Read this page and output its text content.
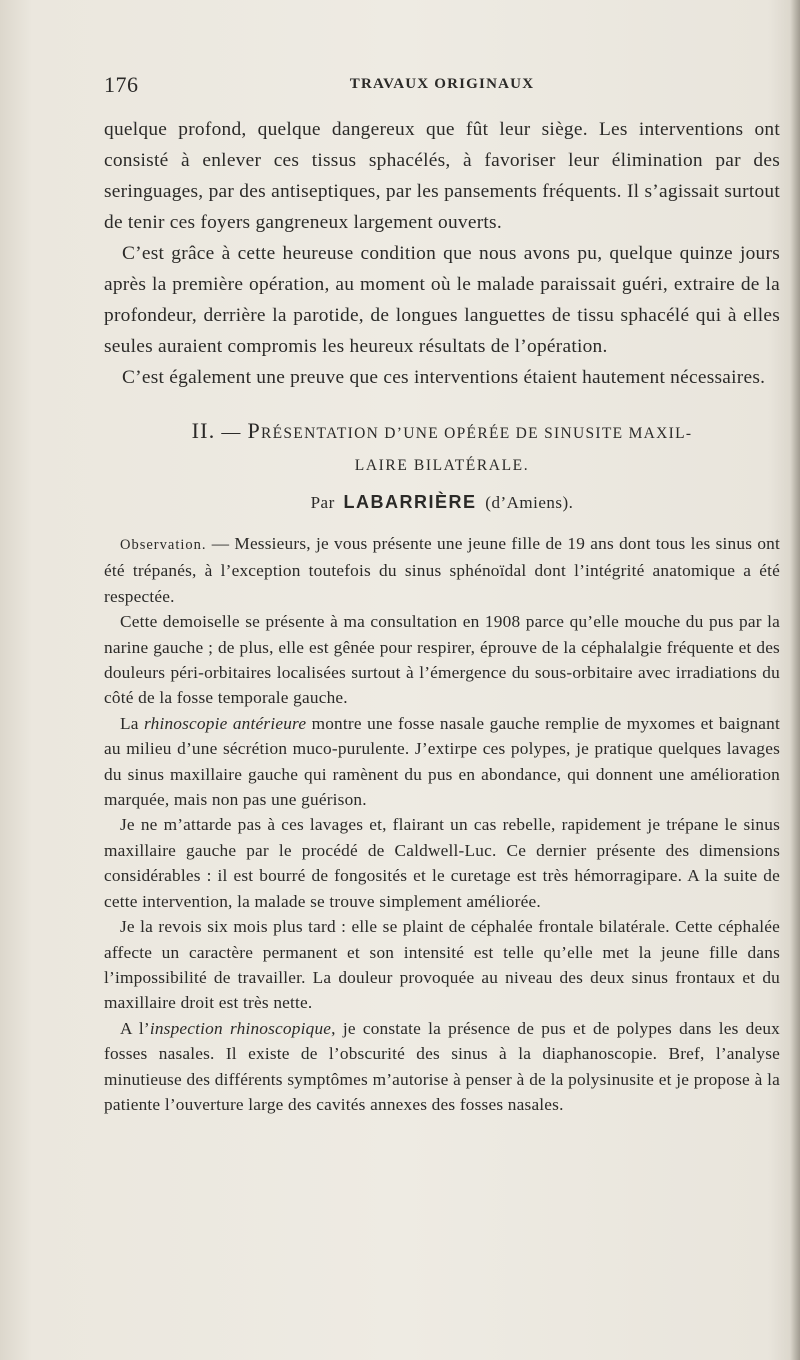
176	TRAVAUX ORIGINAUX

quelque profond, quelque dangereux que fût leur siège. Les interventions ont consisté à enlever ces tissus sphacélés, à favoriser leur élimination par des seringuages, par des antiseptiques, par les pansements fréquents. Il s’agissait surtout de tenir ces foyers gangreneux largement ouverts.

C’est grâce à cette heureuse condition que nous avons pu, quelque quinze jours après la première opération, au moment où le malade paraissait guéri, extraire de la profondeur, derrière la parotide, de longues languettes de tissu sphacélé qui à elles seules auraient compromis les heureux résultats de l’opération.

C’est également une preuve que ces interventions étaient hautement nécessaires.

II. — PRÉSENTATION D’UNE OPÉRÉE DE SINUSITE MAXIL-
LAIRE BILATÉRALE.
Par LABARRIÈRE (d’Amiens).

Observation. — Messieurs, je vous présente une jeune fille de 19 ans dont tous les sinus ont été trépanés, à l’exception toutefois du sinus sphénoïdal dont l’intégrité anatomique a été respectée.

Cette demoiselle se présente à ma consultation en 1908 parce qu’elle mouche du pus par la narine gauche ; de plus, elle est gênée pour respirer, éprouve de la céphalalgie fréquente et des douleurs péri-orbitaires localisées surtout à l’émergence du sous-orbitaire avec irradiations du côté de la fosse temporale gauche.

La rhinoscopie antérieure montre une fosse nasale gauche remplie de myxomes et baignant au milieu d’une sécrétion muco-purulente. J’extirpe ces polypes, je pratique quelques lavages du sinus maxillaire gauche qui ramènent du pus en abondance, qui donnent une amélioration marquée, mais non pas une guérison.

Je ne m’attarde pas à ces lavages et, flairant un cas rebelle, rapidement je trépane le sinus maxillaire gauche par le procédé de Caldwell-Luc. Ce dernier présente des dimensions considérables : il est bourré de fongosités et le curetage est très hémorragipare. A la suite de cette intervention, la malade se trouve simplement améliorée.

Je la revois six mois plus tard : elle se plaint de céphalée frontale bilatérale. Cette céphalée affecte un caractère permanent et son intensité est telle qu’elle met la jeune fille dans l’impossibilité de travailler. La douleur provoquée au niveau des deux sinus frontaux et du maxillaire droit est très nette.

A l’inspection rhinoscopique, je constate la présence de pus et de polypes dans les deux fosses nasales. Il existe de l’obscurité des sinus à la diaphanoscopie. Bref, l’analyse minutieuse des différents symptômes m’autorise à penser à de la polysinusite et je propose à la patiente l’ouverture large des cavités annexes des fosses nasales.
